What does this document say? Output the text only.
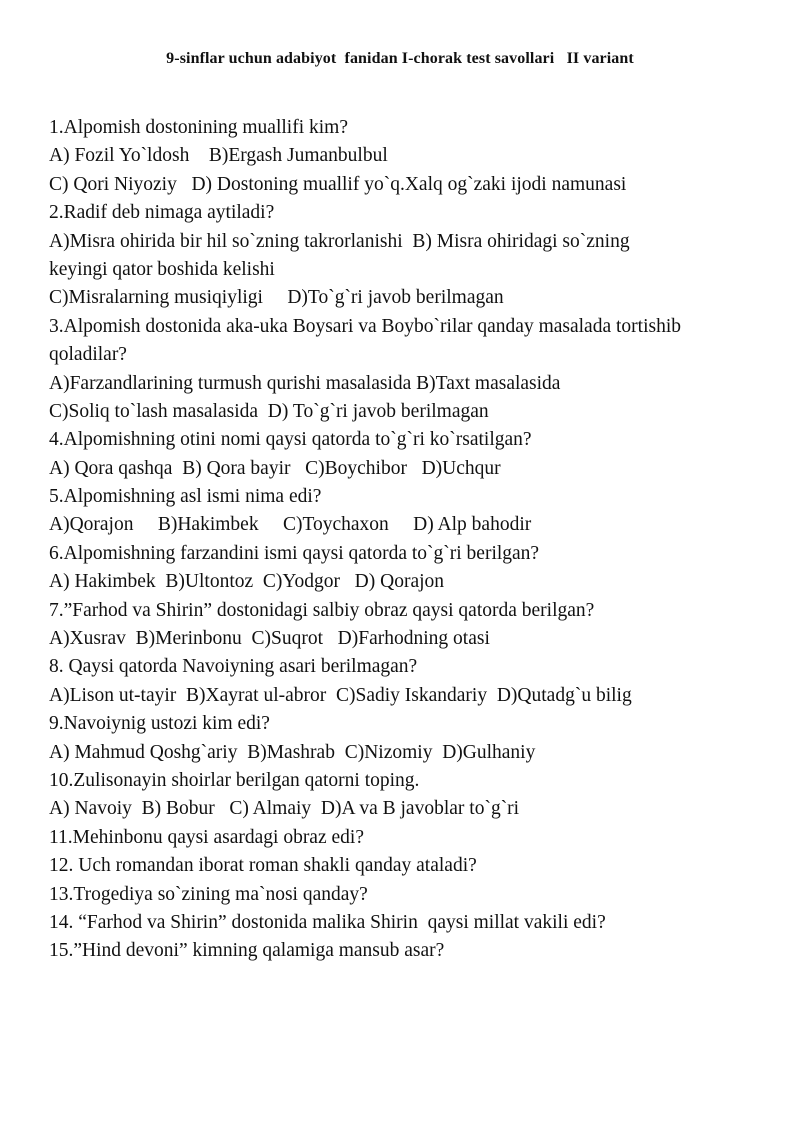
9-sinflar uchun adabiyot  fanidan I-chorak test savollari   II variant
1.Alpomish dostonining muallifi kim?
A) Fozil Yo`ldosh    B)Ergash Jumanbulbul
C) Qori Niyoziy   D) Dostoning muallif yo`q.Xalq og`zaki ijodi namunasi
2.Radif deb nimaga aytiladi?
A)Misra ohirida bir hil so`zning takrorlanishi  B) Misra ohiridagi so`zning
keyingi qator boshida kelishi
C)Misralarning musiqiyligi     D)To`g`ri javob berilmagan
3.Alpomish dostonida aka-uka Boysari va Boybo`rilar qanday masalada tortishib
qoladilar?
A)Farzandlarining turmush qurishi masalasida B)Taxt masalasida
C)Soliq to`lash masalasida  D) To`g`ri javob berilmagan
4.Alpomishning otini nomi qaysi qatorda to`g`ri ko`rsatilgan?
A) Qora qashqa  B) Qora bayir   C)Boychibor   D)Uchqur
5.Alpomishning asl ismi nima edi?
A)Qorajon     B)Hakimbek     C)Toychaxon     D) Alp bahodir
6.Alpomishning farzandini ismi qaysi qatorda to`g`ri berilgan?
A) Hakimbek  B)Ultontoz  C)Yodgor   D) Qorajon
7.”Farhod va Shirin” dostonidagi salbiy obraz qaysi qatorda berilgan?
A)Xusrav  B)Merinbonu  C)Suqrot   D)Farhodning otasi
8. Qaysi qatorda Navoiyning asari berilmagan?
A)Lison ut-tayir  B)Xayrat ul-abror  C)Sadiy Iskandariy  D)Qutadg`u bilig
9.Navoiynig ustozi kim edi?
A) Mahmud Qoshg`ariy  B)Mashrab  C)Nizomiy  D)Gulhaniy
10.Zulisonayin shoirlar berilgan qatorni toping.
A) Navoiy  B) Bobur   C) Almaiy  D)A va B javoblar to`g`ri
11.Mehinbonu qaysi asardagi obraz edi?
12. Uch romandan iborat roman shakli qanday ataladi?
13.Trogediya so`zining ma`nosi qanday?
14. “Farhod va Shirin” dostonida malika Shirin  qaysi millat vakili edi?
15.”Hind devoni” kimning qalamiga mansub asar?
